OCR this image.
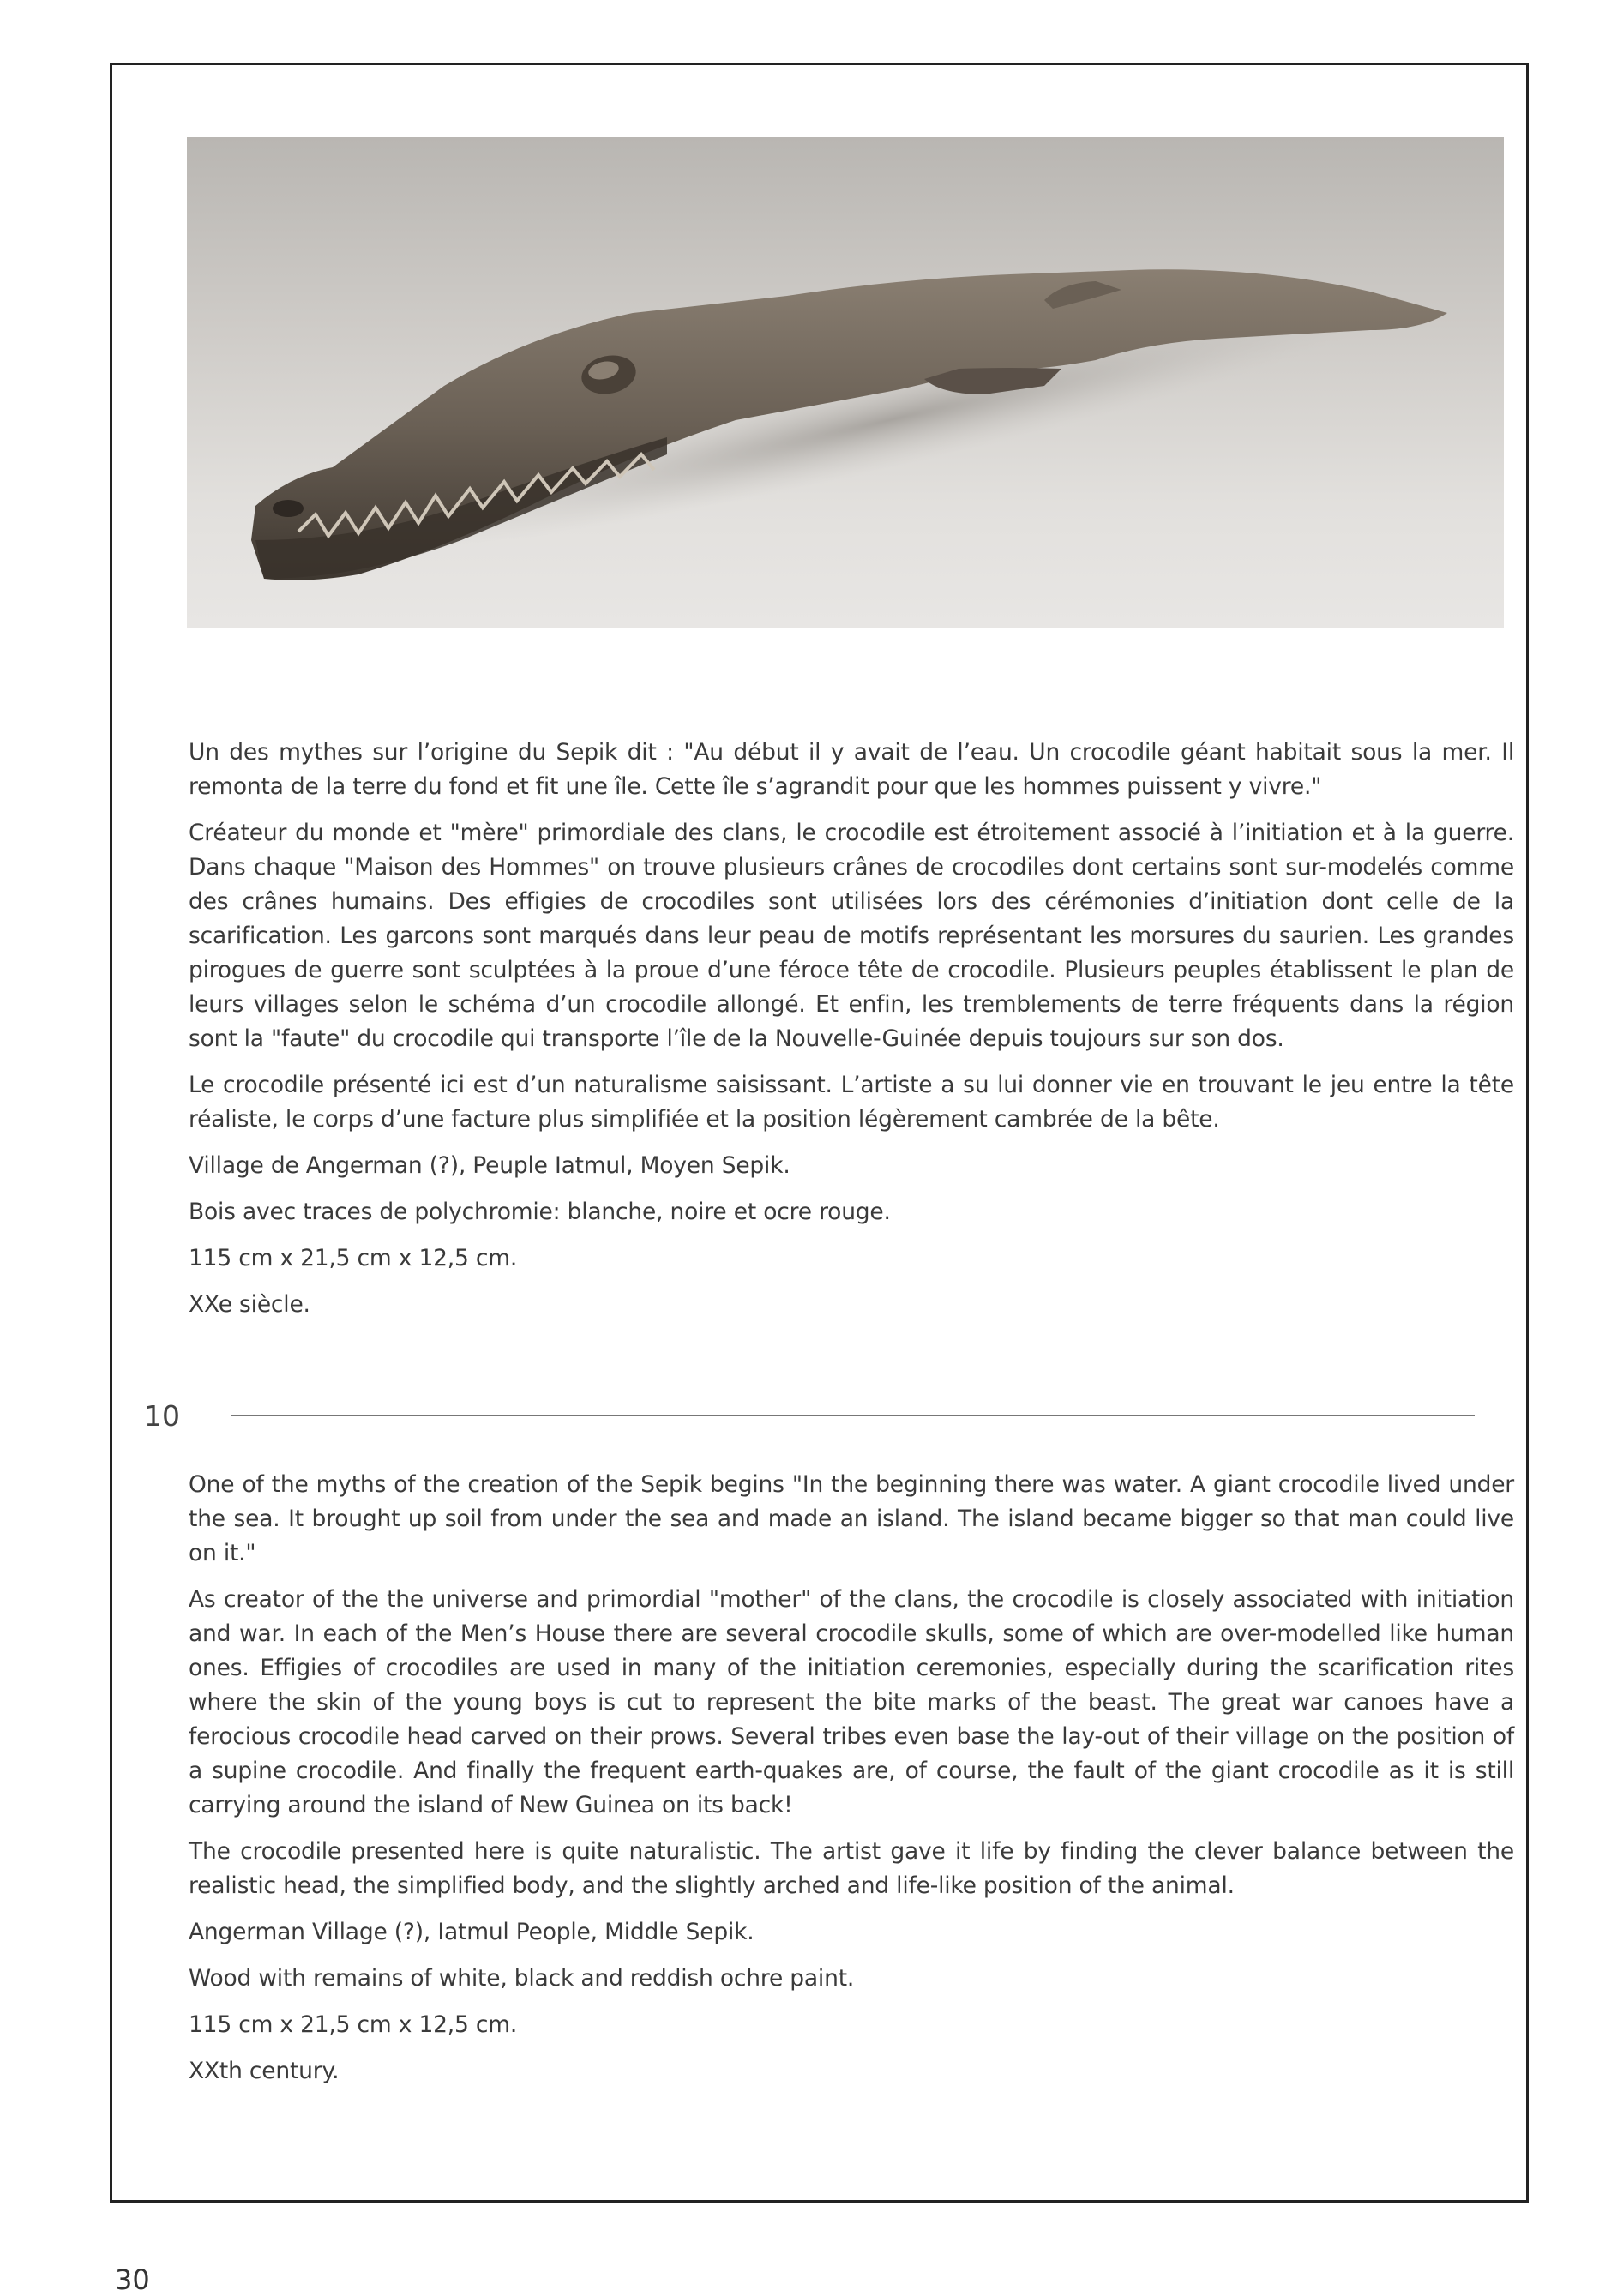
Un des mythes sur l’origine du Sepik dit : "Au début il y avait de l’eau. Un crocodile géant habitait sous la mer. Il remonta de la terre du fond et fit une île. Cette île s’agrandit pour que les hommes puissent y vivre."

Créateur du monde et "mère" primordiale des clans, le crocodile est étroitement associé à l’initiation et à la guerre. Dans chaque "Maison des Hommes" on trouve plusieurs crânes de crocodiles dont certains sont sur-modelés comme des crânes humains. Des effigies de crocodiles sont utilisées lors des cérémonies d’initiation dont celle de la scarification. Les garcons sont marqués dans leur peau de motifs représentant les morsures du saurien. Les grandes pirogues de guerre sont sculptées à la proue d’une féroce tête de crocodile. Plusieurs peuples établissent le plan de leurs villages selon le schéma d’un crocodile allongé. Et enfin, les tremblements de terre fréquents dans la région sont la "faute" du crocodile qui transporte l’île de la Nouvelle-Guinée depuis toujours sur son dos.

Le crocodile présenté ici est d’un naturalisme saisissant. L’artiste a su lui donner vie en trouvant le jeu entre la tête réaliste, le corps d’une facture plus simplifiée et la position légèrement cambrée de la bête.

Village de Angerman (?), Peuple Iatmul, Moyen Sepik.

Bois avec traces de polychromie: blanche, noire et ocre rouge.

115 cm x 21,5 cm x 12,5 cm.

XXe siècle.

10

One of the myths of the creation of the Sepik begins "In the beginning there was water. A giant crocodile lived under the sea. It brought up soil from under the sea and made an island. The island became bigger so that man could live on it."

As creator of the the universe and primordial "mother" of the clans, the crocodile is closely associated with initiation and war. In each of the Men’s House there are several crocodile skulls, some of which are over-modelled like human ones. Effigies of crocodiles are used in many of the initiation ceremonies, especially during the scarification rites where the skin of the young boys is cut to represent the bite marks of the beast. The great war canoes have a ferocious crocodile head carved on their prows. Several tribes even base the lay-out of their village on the position of a supine crocodile. And finally the frequent earth-quakes are, of course, the fault of the giant crocodile as it is still carrying around the island of New Guinea on its back!

The crocodile presented here is quite naturalistic. The artist gave it life by finding the clever balance between the realistic head, the simplified body, and the slightly arched and life-like position of the animal.

Angerman Village (?), Iatmul People, Middle Sepik.

Wood with remains of white, black and reddish ochre paint.

115 cm x 21,5 cm x 12,5 cm.

XXth century.

30
